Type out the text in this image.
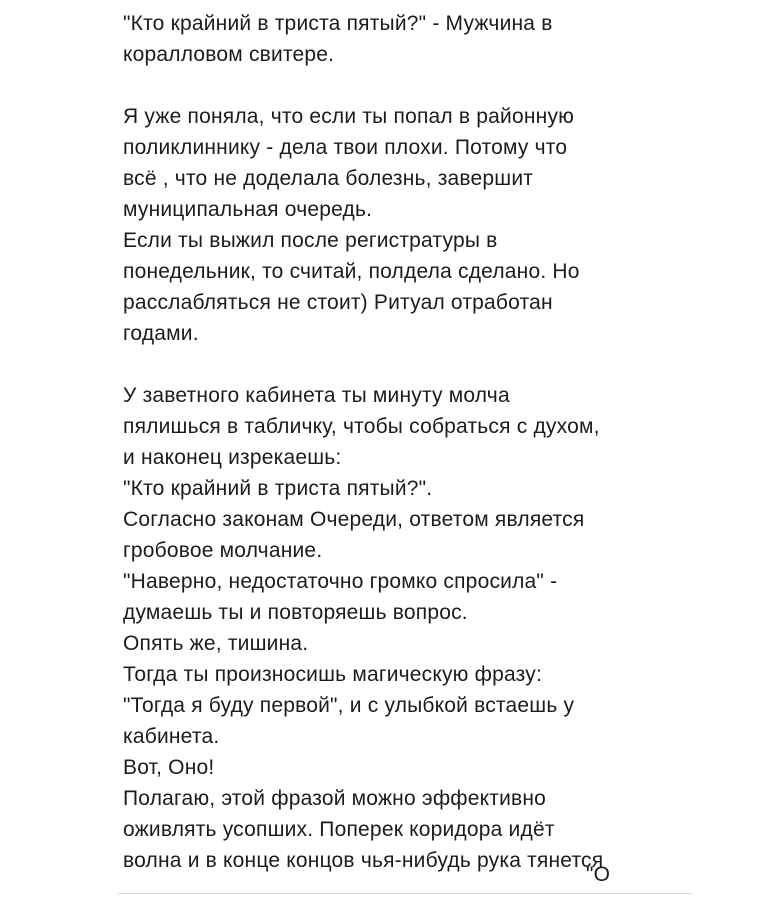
"Кто крайний в триста пятый?" - Мужчина в
коралловом свитере.
Я уже поняла, что если ты попал в районную
поликлиннику - дела твои плохи. Потому что
всё , что не доделала болезнь, завершит
муниципальная очередь.
Если ты выжил после регистратуры в
понедельник, то считай, полдела сделано. Но
расслабляться не стоит) Ритуал отработан
годами.
У заветного кабинета ты минуту молча
пялишься в табличку, чтобы собраться с духом,
и наконец изрекаешь:
"Кто крайний в триста пятый?".
Согласно законам Очереди, ответом является
гробовое молчание.
"Наверно, недостаточно громко спросила" -
думаешь ты и повторяешь вопрос.
Опять же, тишина.
Тогда ты произносишь магическую фразу:
"Тогда я буду первой", и с улыбкой встаешь у
кабинета.
Вот, Оно!
Полагаю, этой фразой можно эффективно
оживлять усопших. Поперек коридора идёт
волна и в конце концов чья-нибудь рука тянется
"О
